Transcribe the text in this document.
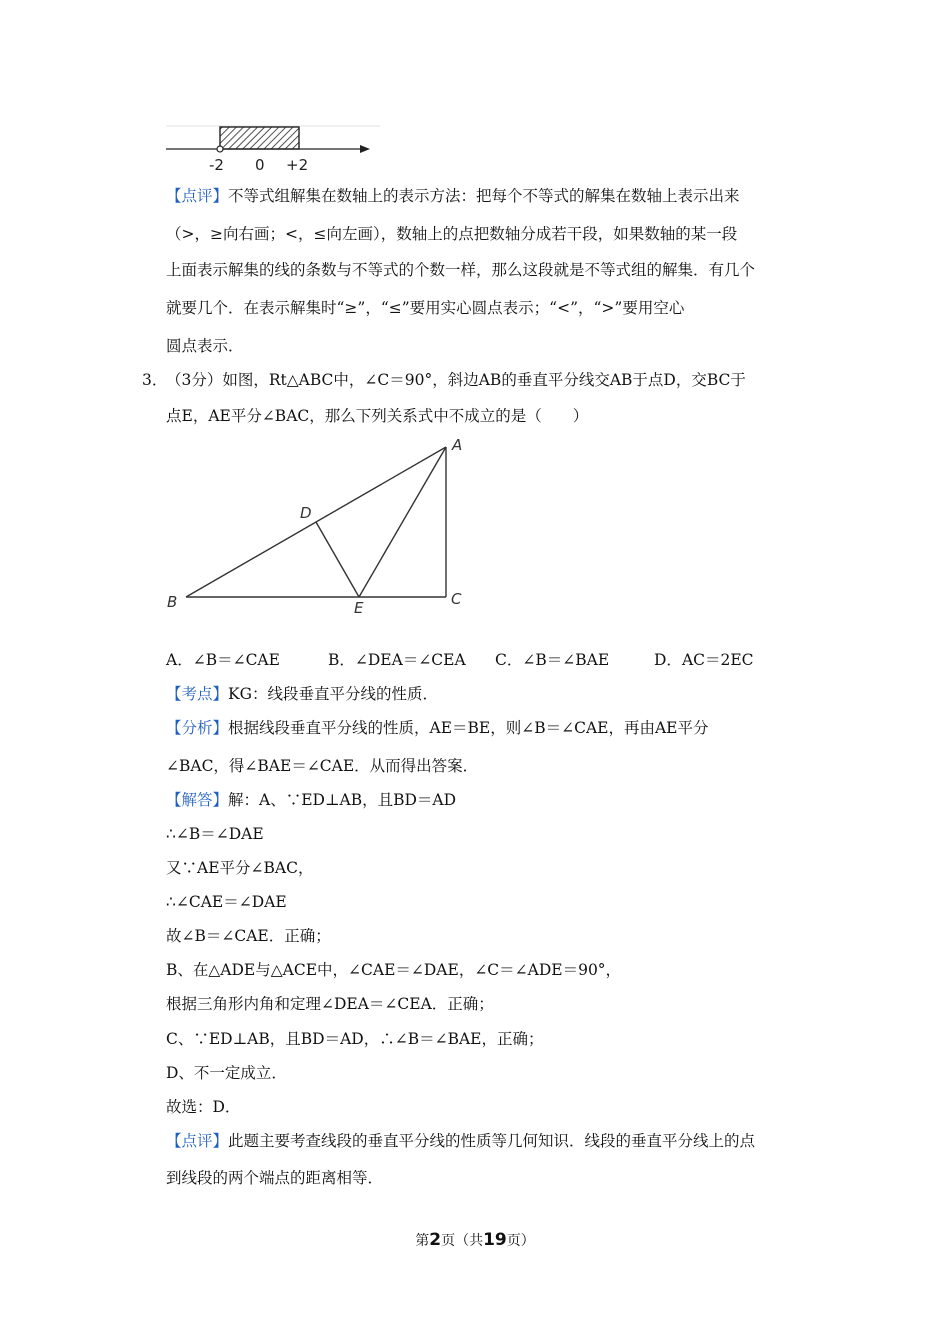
-2 0 +2
【点评】不等式组解集在数轴上的表示方法：把每个不等式的解集在数轴上表示出来
（>，≥向右画；<，≤向左画），数轴上的点把数轴分成若干段，如果数轴的某一段
上面表示解集的线的条数与不等式的个数一样，那么这段就是不等式组的解集．有几个
就要几个．在表示解集时“≥”，“≤”要用实心圆点表示；“<”，“>”要用空心
圆点表示．
3．
（3分）如图，Rt△ABC中，∠C＝90°，斜边AB的垂直平分线交AB于点D，交BC于
点E，AE平分∠BAC，那么下列关系式中不成立的是（　　）
A
B	C
D
E
A．∠B＝∠CAE	B．∠DEA＝∠CEA C．∠B＝∠BAE	D．AC＝2EC
【考点】KG：线段垂直平分线的性质．
【分析】根据线段垂直平分线的性质，AE＝BE，则∠B＝∠CAE，再由AE平分
∠BAC，得∠BAE＝∠CAE．从而得出答案．
【解答】解：A、∵ED⊥AB，且BD＝AD
∴∠B＝∠DAE
又∵AE平分∠BAC，
∴∠CAE＝∠DAE
故∠B＝∠CAE．正确；
B、在△ADE与△ACE中，∠CAE＝∠DAE，∠C＝∠ADE＝90°，
根据三角形内角和定理∠DEA＝∠CEA．正确；
C、∵ED⊥AB，且BD＝AD，∴∠B＝∠BAE，正确；
D、不一定成立．
故选：D．
【点评】此题主要考查线段的垂直平分线的性质等几何知识．线段的垂直平分线上的点
到线段的两个端点的距离相等．
第2页（共19页）
